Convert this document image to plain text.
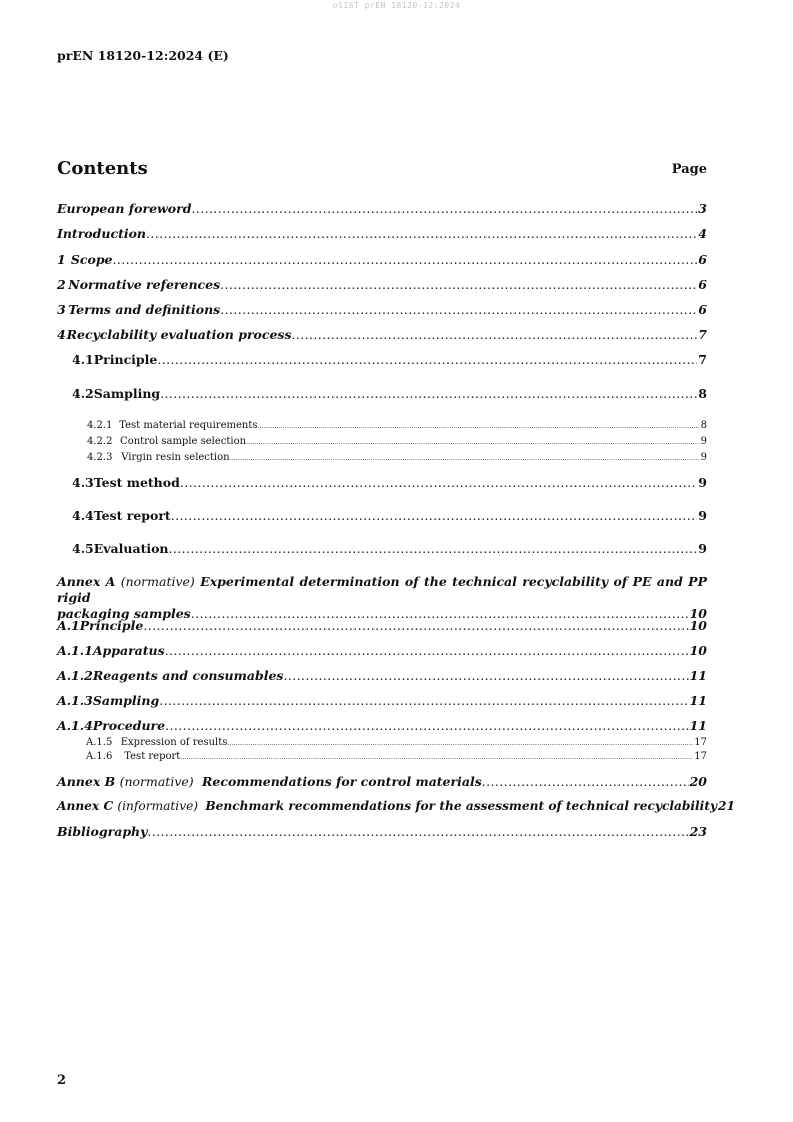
oSIST prEN 18120-12:2024
prEN 18120-12:2024 (E)
Contents	Page
European foreword .....	3
Introduction .....	4
1 Scope .....	6
2 Normative references .....	6
3 Terms and definitions .....	6
4 Recyclability evaluation process .....	7
4.1 Principle .....	7
4.2 Sampling .....	8
4.2.1 Test material requirements .....	8
4.2.2 Control sample selection .....	9
4.2.3 Virgin resin selection .....	9
4.3 Test method .....	9
4.4 Test report .....	9
4.5 Evaluation .....	9
Annex A (normative) Experimental determination of the technical recyclability of PE and PP rigid
packaging samples .....	10
A.1 Principle .....	10
A.1.1 Apparatus .....	10
A.1.2 Reagents and consumables .....	11
A.1.3 Sampling .....	11
A.1.4 Procedure .....	11
A.1.5 Expression of results .....	17
A.1.6	Test report .....	17
Annex B
(normative)
Recommendations for control materials .....	20
Annex C
(informative)
Benchmark recommendations for the assessment of technical recyclability 21
Bibliography .....	23
2
